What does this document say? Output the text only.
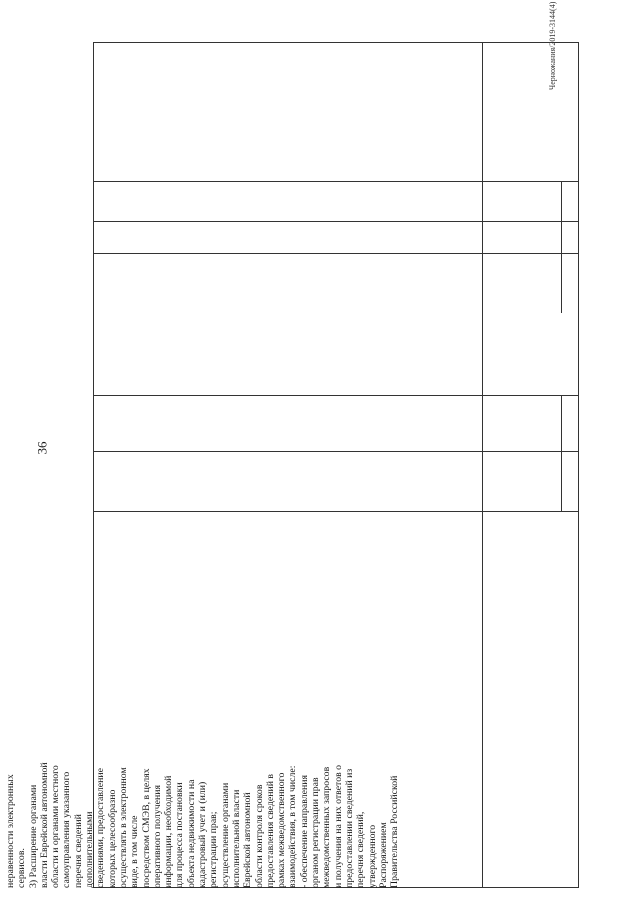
36
Черножания/2019-3144(4)

неравенности электронных сервисов. 3) Расширение органами власти Еврейской автономной области и органами местного самоуправления указанного перечня сведений дополнительными сведениями, предоставление которых целесообразно осуществлять в электронном виде, в том числе посредством СМЭВ, в целях оперативного получения информации, необходимой для процесса постановки объекта недвижимости на кадастровый учет и (или) регистрации прав; осуществление органами исполнительной власти Еврейской автономной области контроля сроков предоставления сведений в рамках межведомственного взаимодействия, в том числе: - обеспечение направления органом регистрации прав межведомственных запросов и получения на них ответов о предоставлении сведений из перечня сведений, утвержденного Распоряжением Правительства Российской
